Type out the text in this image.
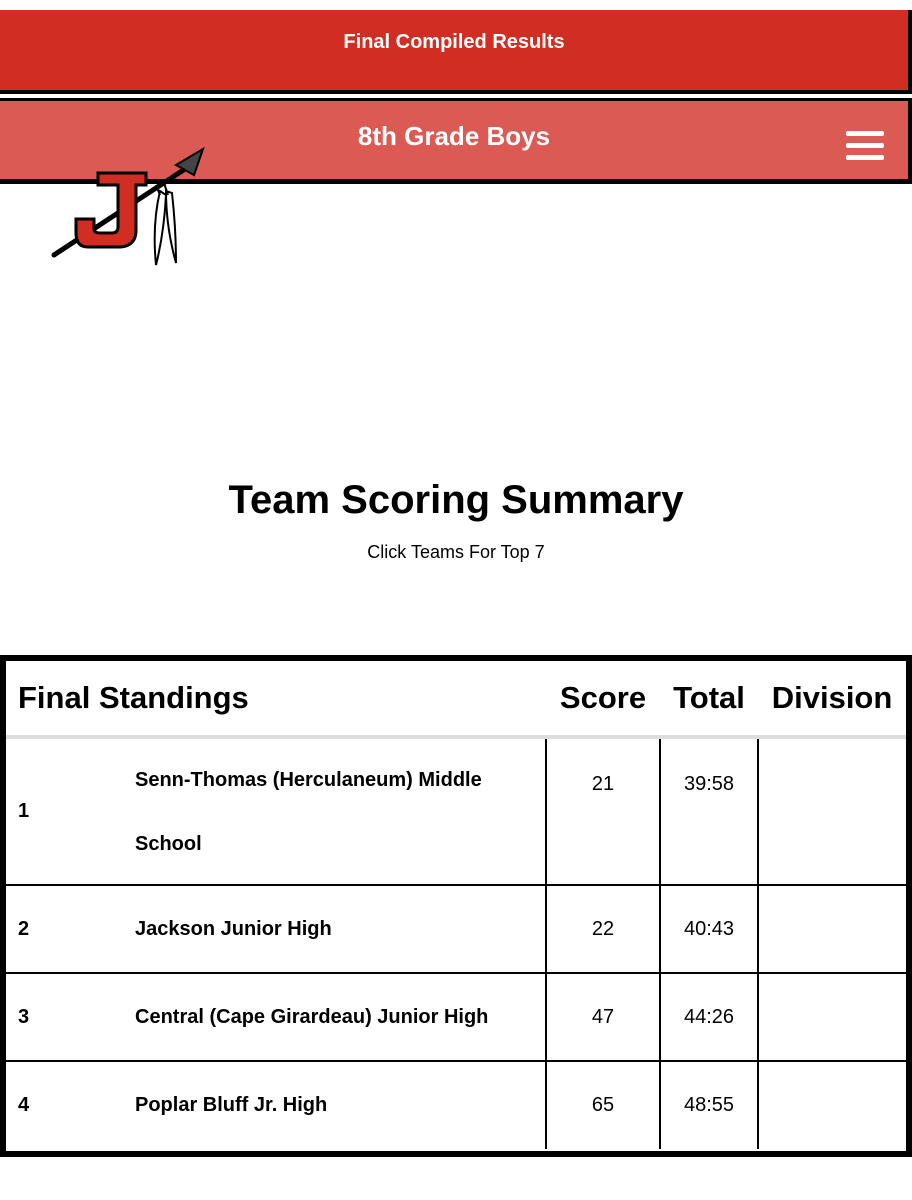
Final Compiled Results
8th Grade Boys
Team Scoring Summary
Click Teams For Top 7
Final Standings		Score	Total	Division
1	Senn-Thomas (Herculaneum) Middle School	21	39:58	
2	Jackson Junior High	22	40:43	
3	Central (Cape Girardeau) Junior High	47	44:26	
4	Poplar Bluff Jr. High	65	48:55	
